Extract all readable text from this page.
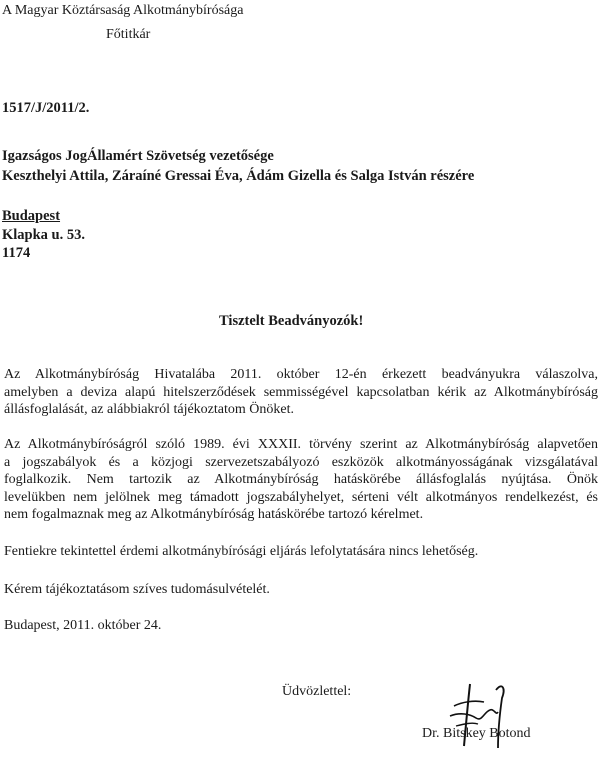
A Magyar Köztársaság Alkotmánybírósága
Főtitkár
1517/J/2011/2.
Igazságos JogÁllamért Szövetség vezetősége
Keszthelyi Attila, Záraíné Gressai Éva, Ádám Gizella és Salga István részére
Budapest
Klapka u. 53.
1174
Tisztelt Beadványozók!
Az Alkotmánybíróság Hivatalába 2011. október 12-én érkezett beadványukra válaszolva,
amelyben a deviza alapú hitelszerződések semmisségével kapcsolatban kérik az Alkotmánybíróság
állásfoglalását, az alábbiakról tájékoztatom Önöket.
Az Alkotmánybíróságról szóló 1989. évi XXXII. törvény szerint az Alkotmánybíróság alapvetően
a jogszabályok és a közjogi szervezetszabályozó eszközök alkotmányosságának vizsgálatával
foglalkozik. Nem tartozik az Alkotmánybíróság hatáskörébe állásfoglalás nyújtása. Önök
levelükben nem jelölnek meg támadott jogszabályhelyet, sérteni vélt alkotmányos rendelkezést, és
nem fogalmaznak meg az Alkotmánybíróság hatáskörébe tartozó kérelmet.
Fentiekre tekintettel érdemi alkotmánybírósági eljárás lefolytatására nincs lehetőség.
Kérem tájékoztatásom szíves tudomásulvételét.
Budapest, 2011. október 24.
Üdvözlettel:
Dr. Bitskey Botond
